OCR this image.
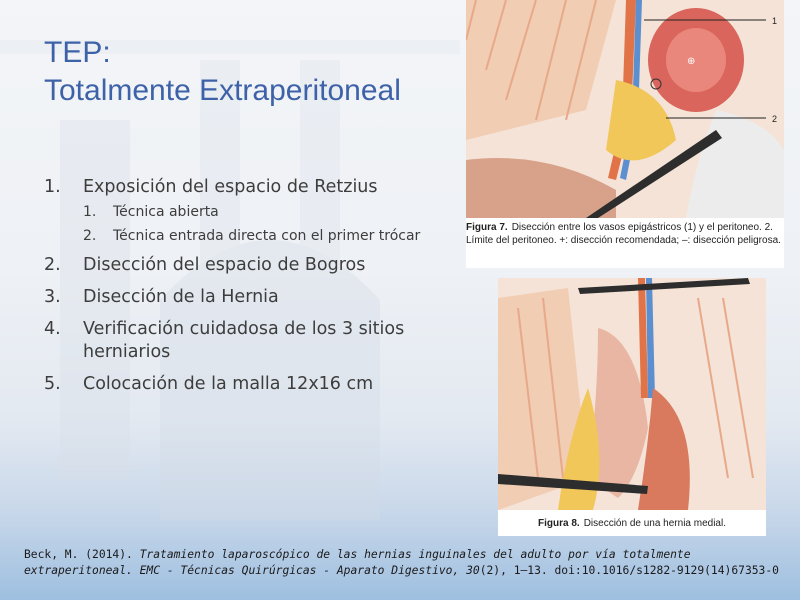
TEP:
Totalmente Extraperitoneal
1. Exposición del espacio de Retzius
1. Técnica abierta
2. Técnica entrada directa con el primer trócar
2. Disección del espacio de Bogros
3. Disección de la Hernia
4. Verificación cuidadosa de los 3 sitios herniarios
5. Colocación de la malla 12x16 cm
⊕
1
2
Figura 7. Disección entre los vasos epigástricos (1) y el peritoneo. 2. Límite del peritoneo. +: disección recomendada; –: disección peligrosa.
Figura 8. Disección de una hernia medial.

Beck, M. (2014). Tratamiento laparoscópico de las hernias inguinales del adulto por vía totalmente extraperitoneal. EMC - Técnicas Quirúrgicas - Aparato Digestivo, 30(2), 1–13. doi:10.1016/s1282-9129(14)67353-0
